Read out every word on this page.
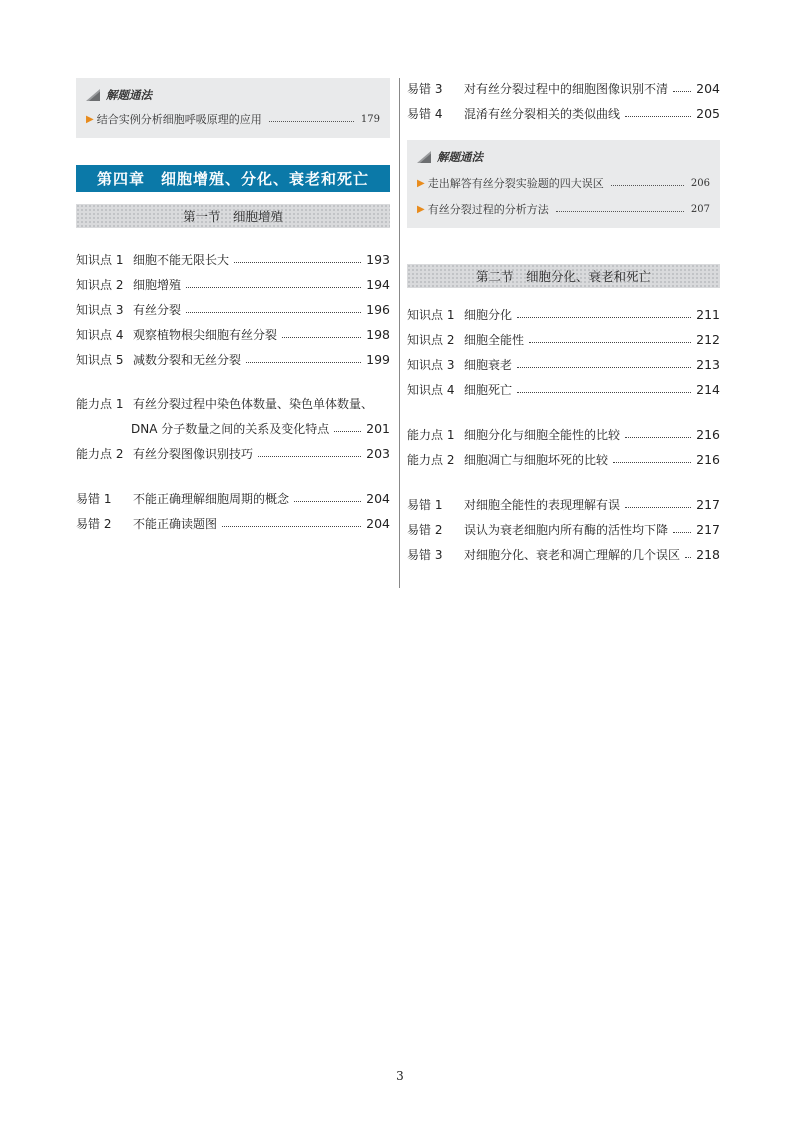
解题通法
▶ 结合实例分析细胞呼吸原理的应用	179
第四章　细胞增殖、分化、衰老和死亡
第一节　细胞增殖
知识点 1 细胞不能无限长大	193
知识点 2 细胞增殖	194
知识点 3 有丝分裂	196
知识点 4 观察植物根尖细胞有丝分裂	198
知识点 5 减数分裂和无丝分裂	199
能力点 1 有丝分裂过程中染色体数量、染色单体数量、
DNA 分子数量之间的关系及变化特点	201
能力点 2 有丝分裂图像识别技巧	203
易错 1	不能正确理解细胞周期的概念	204
易错 2	不能正确读题图	204
易错 3	对有丝分裂过程中的细胞图像识别不清 204
易错 4	混淆有丝分裂相关的类似曲线	205
解题通法
▶ 走出解答有丝分裂实验题的四大误区	206
▶ 有丝分裂过程的分析方法	207
第二节　细胞分化、衰老和死亡
知识点 1 细胞分化	211
知识点 2 细胞全能性	212
知识点 3 细胞衰老	213
知识点 4 细胞死亡	214
能力点 1 细胞分化与细胞全能性的比较	216
能力点 2 细胞凋亡与细胞坏死的比较	216
易错 1	对细胞全能性的表现理解有误	217
易错 2	误认为衰老细胞内所有酶的活性均下降 217
易错 3	对细胞分化、衰老和凋亡理解的几个误区 218
3
